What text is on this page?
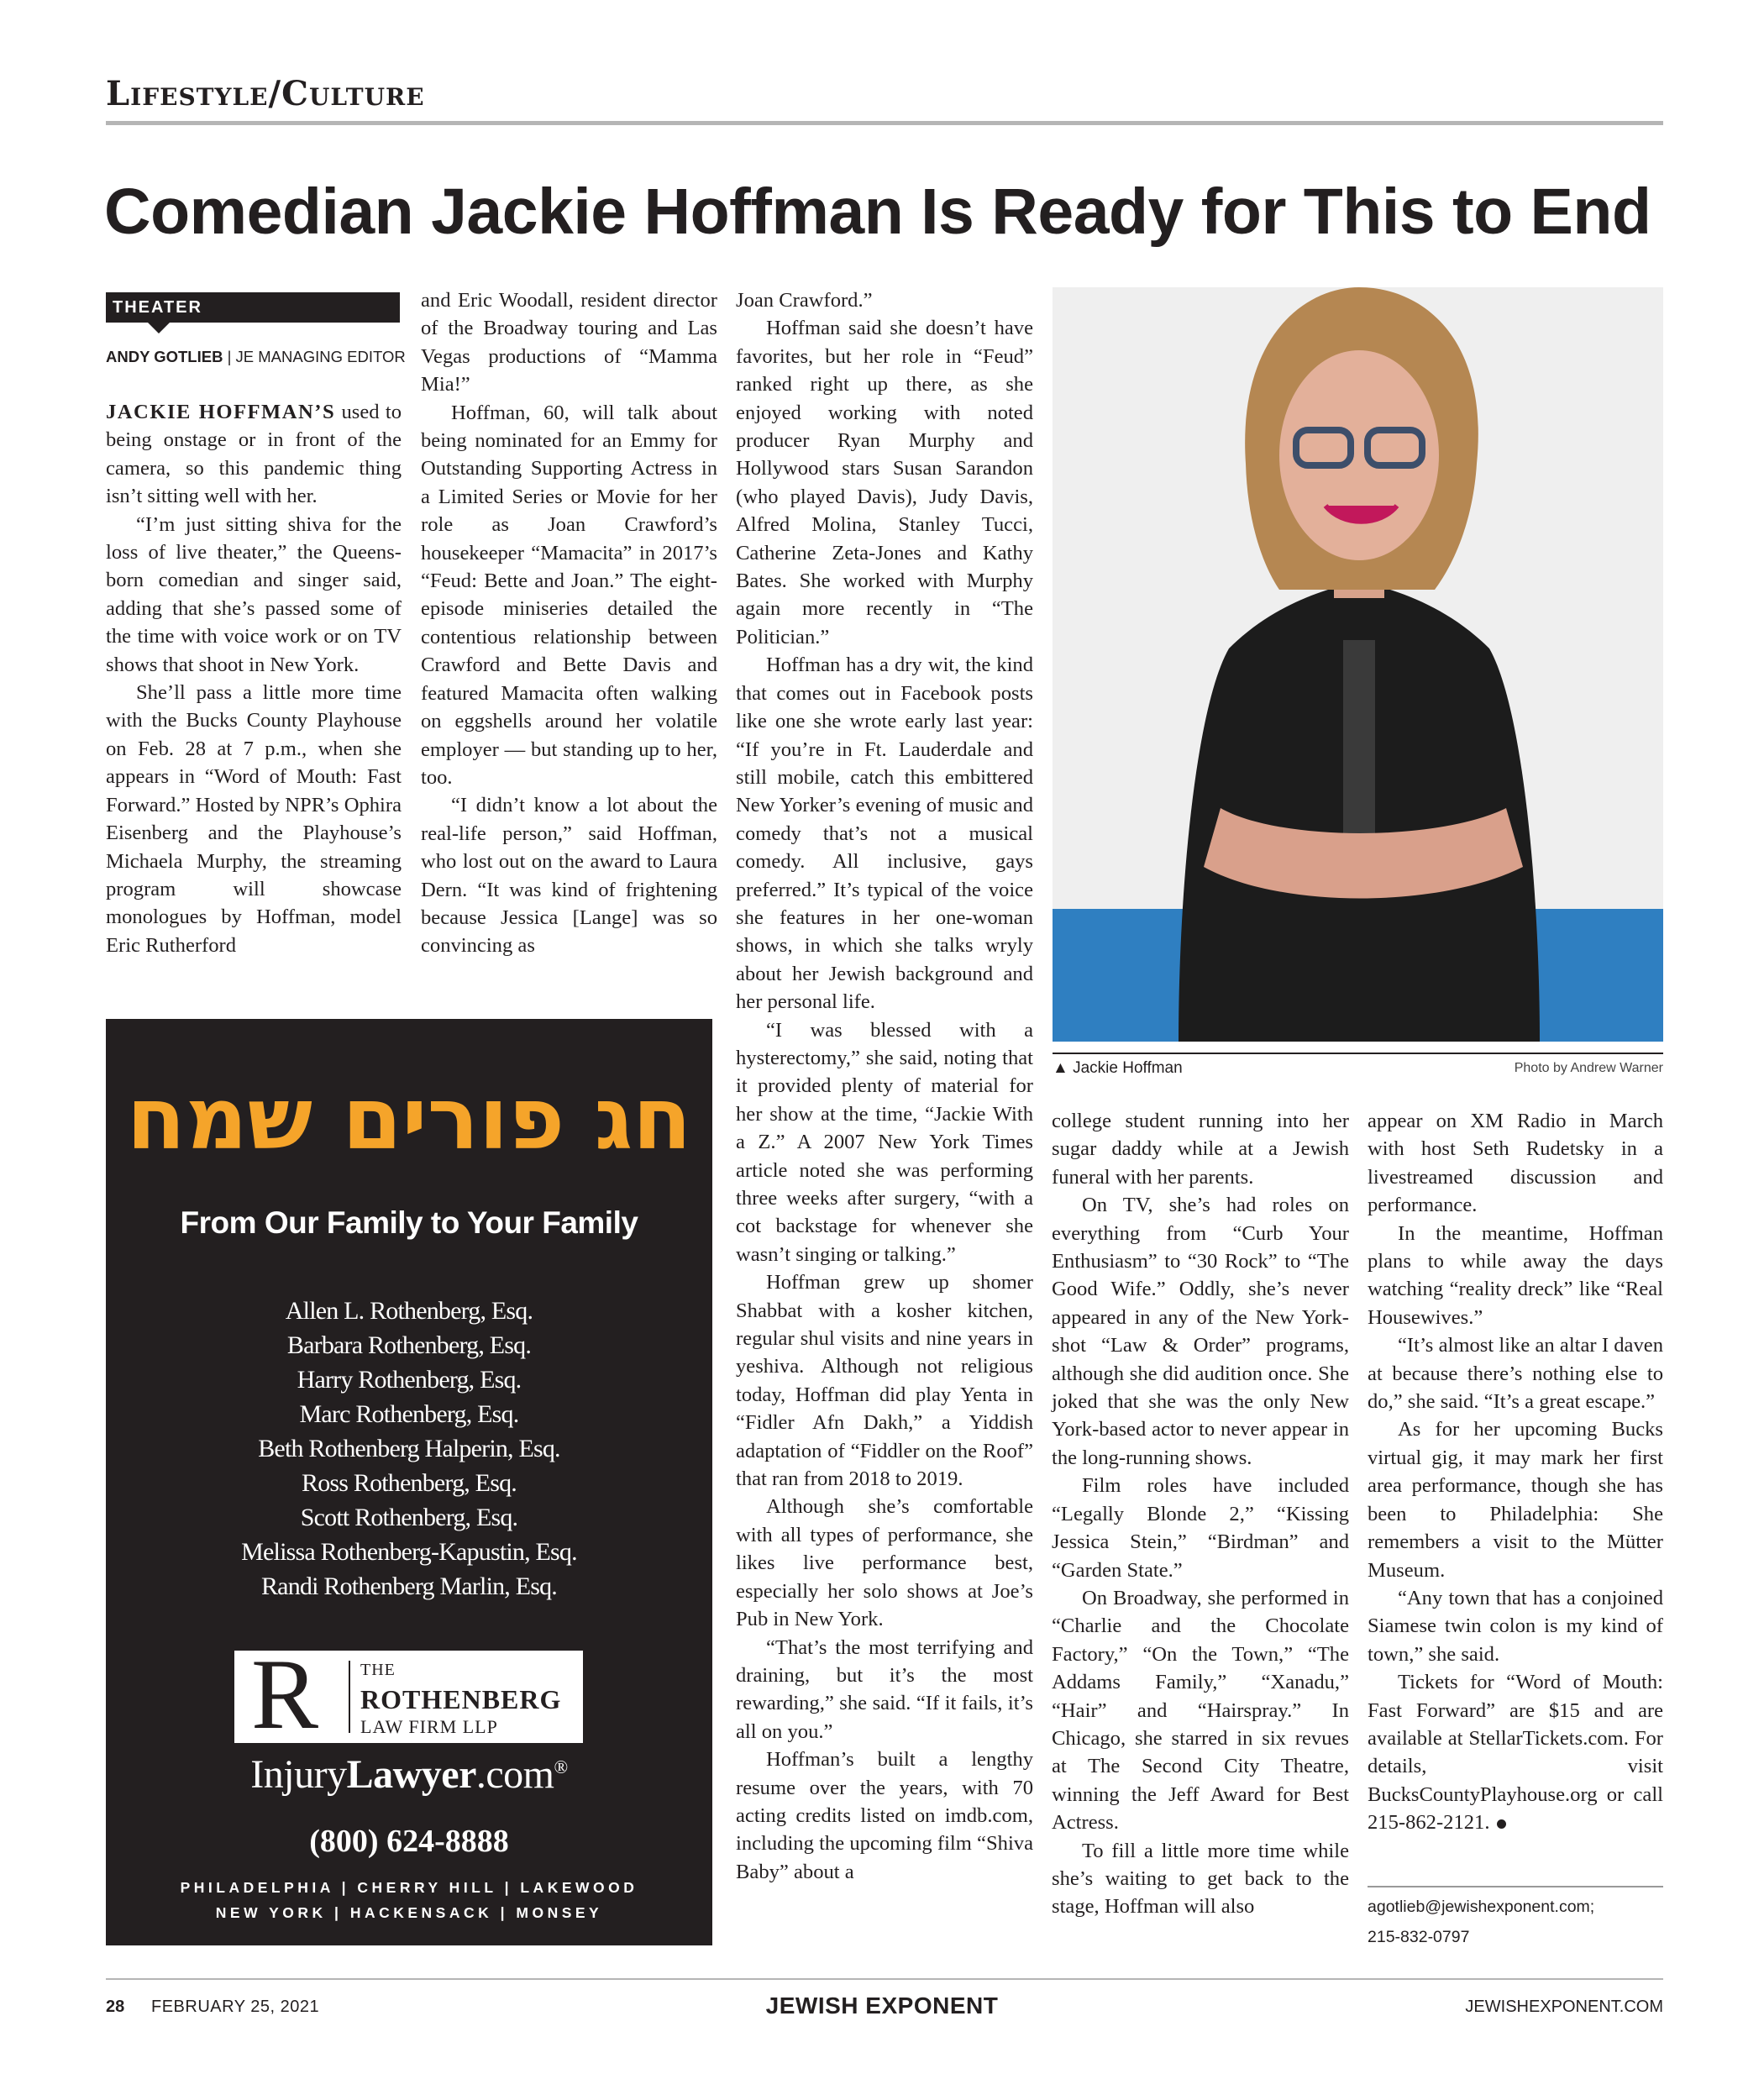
Lifestyle/Culture
Comedian Jackie Hoffman Is Ready for This to End
THEATER
ANDY GOTLIEB | JE MANAGING EDITOR

JACKIE HOFFMAN’S used to being onstage or in front of the camera, so this pandemic thing isn’t sitting well with her.

“I’m just sitting shiva for the loss of live theater,” the Queens-born comedian and singer said, adding that she’s passed some of the time with voice work or on TV shows that shoot in New York.

She’ll pass a little more time with the Bucks County Playhouse on Feb. 28 at 7 p.m., when she appears in “Word of Mouth: Fast Forward.” Hosted by NPR’s Ophira Eisenberg and the Playhouse’s Michaela Murphy, the streaming program will showcase monologues by Hoffman, model Eric Rutherford

and Eric Woodall, resident director of the Broadway touring and Las Vegas productions of “Mamma Mia!”

Hoffman, 60, will talk about being nominated for an Emmy for Outstanding Supporting Actress in a Limited Series or Movie for her role as Joan Crawford’s housekeeper “Mamacita” in 2017’s “Feud: Bette and Joan.” The eight-episode miniseries detailed the contentious relationship between Crawford and Bette Davis and featured Mamacita often walking on eggshells around her volatile employer — but standing up to her, too.

“I didn’t know a lot about the real-life person,” said Hoffman, who lost out on the award to Laura Dern. “It was kind of frightening because Jessica [Lange] was so convincing as

Joan Crawford.”

Hoffman said she doesn’t have favorites, but her role in “Feud” ranked right up there, as she enjoyed working with noted producer Ryan Murphy and Hollywood stars Susan Sarandon (who played Davis), Judy Davis, Alfred Molina, Stanley Tucci, Catherine Zeta-Jones and Kathy Bates. She worked with Murphy again more recently in “The Politician.”

Hoffman has a dry wit, the kind that comes out in Facebook posts like one she wrote early last year: “If you’re in Ft. Lauderdale and still mobile, catch this embittered New Yorker’s evening of music and comedy that’s not a musical comedy. All inclusive, gays preferred.” It’s typical of the voice she features in her one-woman shows, in which she talks wryly about her Jewish background and her personal life.

“I was blessed with a hysterectomy,” she said, noting that it provided plenty of material for her show at the time, “Jackie With a Z.” A 2007 New York Times article noted she was performing three weeks after surgery, “with a cot backstage for whenever she wasn’t singing or talking.”

Hoffman grew up shomer Shabbat with a kosher kitchen, regular shul visits and nine years in yeshiva. Although not religious today, Hoffman did play Yenta in “Fidler Afn Dakh,” a Yiddish adaptation of “Fiddler on the Roof” that ran from 2018 to 2019.

Although she’s comfortable with all types of performance, she likes live performance best, especially her solo shows at Joe’s Pub in New York.

“That’s the most terrifying and draining, but it’s the most rewarding,” she said. “If it fails, it’s all on you.”

Hoffman’s built a lengthy resume over the years, with 70 acting credits listed on imdb.com, including the upcoming film “Shiva Baby” about a

▲ Jackie Hoffman	Photo by Andrew Warner

college student running into her sugar daddy while at a Jewish funeral with her parents.

On TV, she’s had roles on everything from “Curb Your Enthusiasm” to “30 Rock” to “The Good Wife.” Oddly, she’s never appeared in any of the New York-shot “Law & Order” programs, although she did audition once. She joked that she was the only New York-based actor to never appear in the long-running shows.

Film roles have included “Legally Blonde 2,” “Kissing Jessica Stein,” “Birdman” and “Garden State.”

On Broadway, she performed in “Charlie and the Chocolate Factory,” “On the Town,” “The Addams Family,” “Xanadu,” “Hair” and “Hairspray.” In Chicago, she starred in six revues at The Second City Theatre, winning the Jeff Award for Best Actress.

To fill a little more time while she’s waiting to get back to the stage, Hoffman will also

appear on XM Radio in March with host Seth Rudetsky in a livestreamed discussion and performance.

In the meantime, Hoffman plans to while away the days watching “reality dreck” like “Real Housewives.”

“It’s almost like an altar I daven at because there’s nothing else to do,” she said. “It’s a great escape.”

As for her upcoming Bucks virtual gig, it may mark her first area performance, though she has been to Philadelphia: She remembers a visit to the Mütter Museum.

“Any town that has a conjoined Siamese twin colon is my kind of town,” she said.

Tickets for “Word of Mouth: Fast Forward” are $15 and are available at StellarTickets.com. For details, visit BucksCountyPlayhouse.org or call 215-862-2121.

agotlieb@jewishexponent.com;
215-832-0797
חג פורים שמח
From Our Family to Your Family
Allen L. Rothenberg, Esq.
Barbara Rothenberg, Esq.
Harry Rothenberg, Esq.
Marc Rothenberg, Esq.
Beth Rothenberg Halperin, Esq.
Ross Rothenberg, Esq.
Scott Rothenberg, Esq.
Melissa Rothenberg-Kapustin, Esq.
Randi Rothenberg Marlin, Esq.
R THE
ROTHENBERG
LAW FIRM LLP
InjuryLawyer.com®
(800) 624-8888
PHILADELPHIA | CHERRY HILL | LAKEWOOD
NEW YORK | HACKENSACK | MONSEY
28 FEBRUARY 25, 2021	JEWISH EXPONENT	JEWISHEXPONENT.COM
